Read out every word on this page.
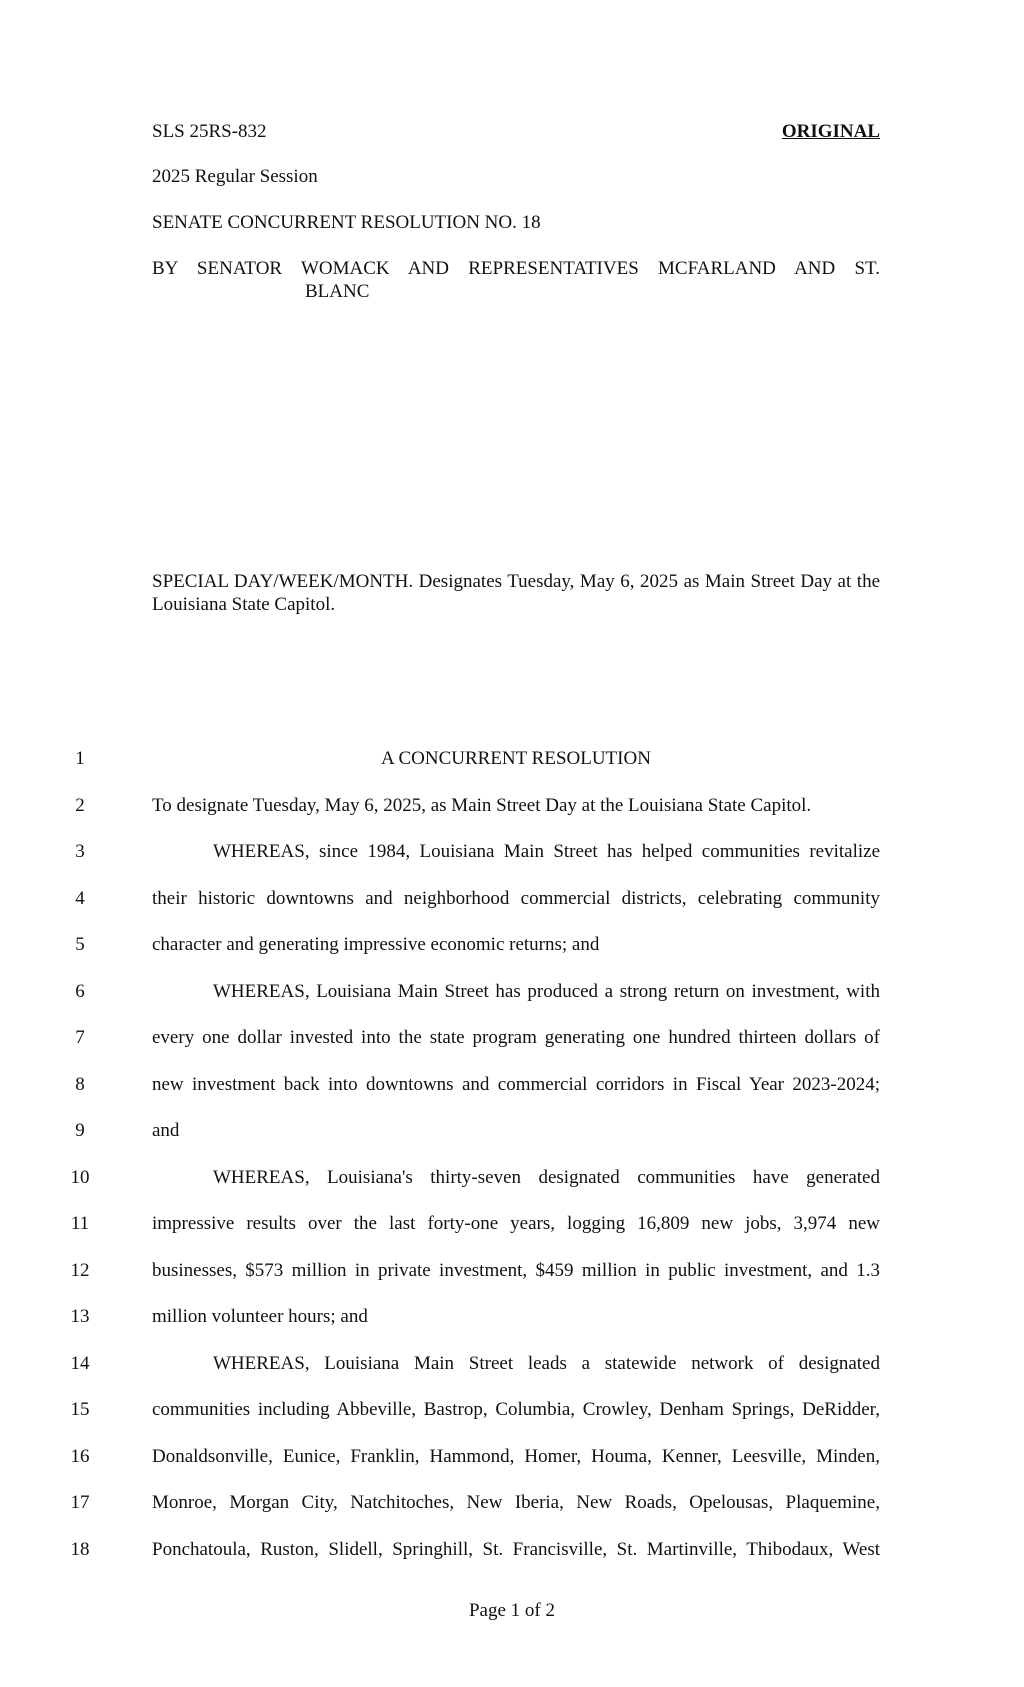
SLS 25RS-832	ORIGINAL
2025 Regular Session
SENATE CONCURRENT RESOLUTION NO. 18
BY SENATOR WOMACK AND REPRESENTATIVES MCFARLAND AND ST.
BLANC
SPECIAL DAY/WEEK/MONTH. Designates Tuesday, May 6, 2025 as Main Street Day at the Louisiana State Capitol.
1	A CONCURRENT RESOLUTION
2	To designate Tuesday, May 6, 2025, as Main Street Day at the Louisiana State Capitol.
3	WHEREAS, since 1984, Louisiana Main Street has helped communities revitalize
4	their historic downtowns and neighborhood commercial districts, celebrating community
5	character and generating impressive economic returns; and
6	WHEREAS, Louisiana Main Street has produced a strong return on investment, with
7	every one dollar invested into the state program generating one hundred thirteen dollars of
8	new investment back into downtowns and commercial corridors in Fiscal Year 2023-2024;
9	and
10	WHEREAS, Louisiana's thirty-seven designated communities have generated
11	impressive results over the last forty-one years, logging 16,809 new jobs, 3,974 new
12	businesses, $573 million in private investment, $459 million in public investment, and 1.3
13	million volunteer hours; and
14	WHEREAS, Louisiana Main Street leads a statewide network of designated
15	communities including Abbeville, Bastrop, Columbia, Crowley, Denham Springs, DeRidder,
16	Donaldsonville, Eunice, Franklin, Hammond, Homer, Houma, Kenner, Leesville, Minden,
17	Monroe, Morgan City, Natchitoches, New Iberia, New Roads, Opelousas, Plaquemine,
18	Ponchatoula, Ruston, Slidell, Springhill, St. Francisville, St. Martinville, Thibodaux, West
Page 1 of 2
